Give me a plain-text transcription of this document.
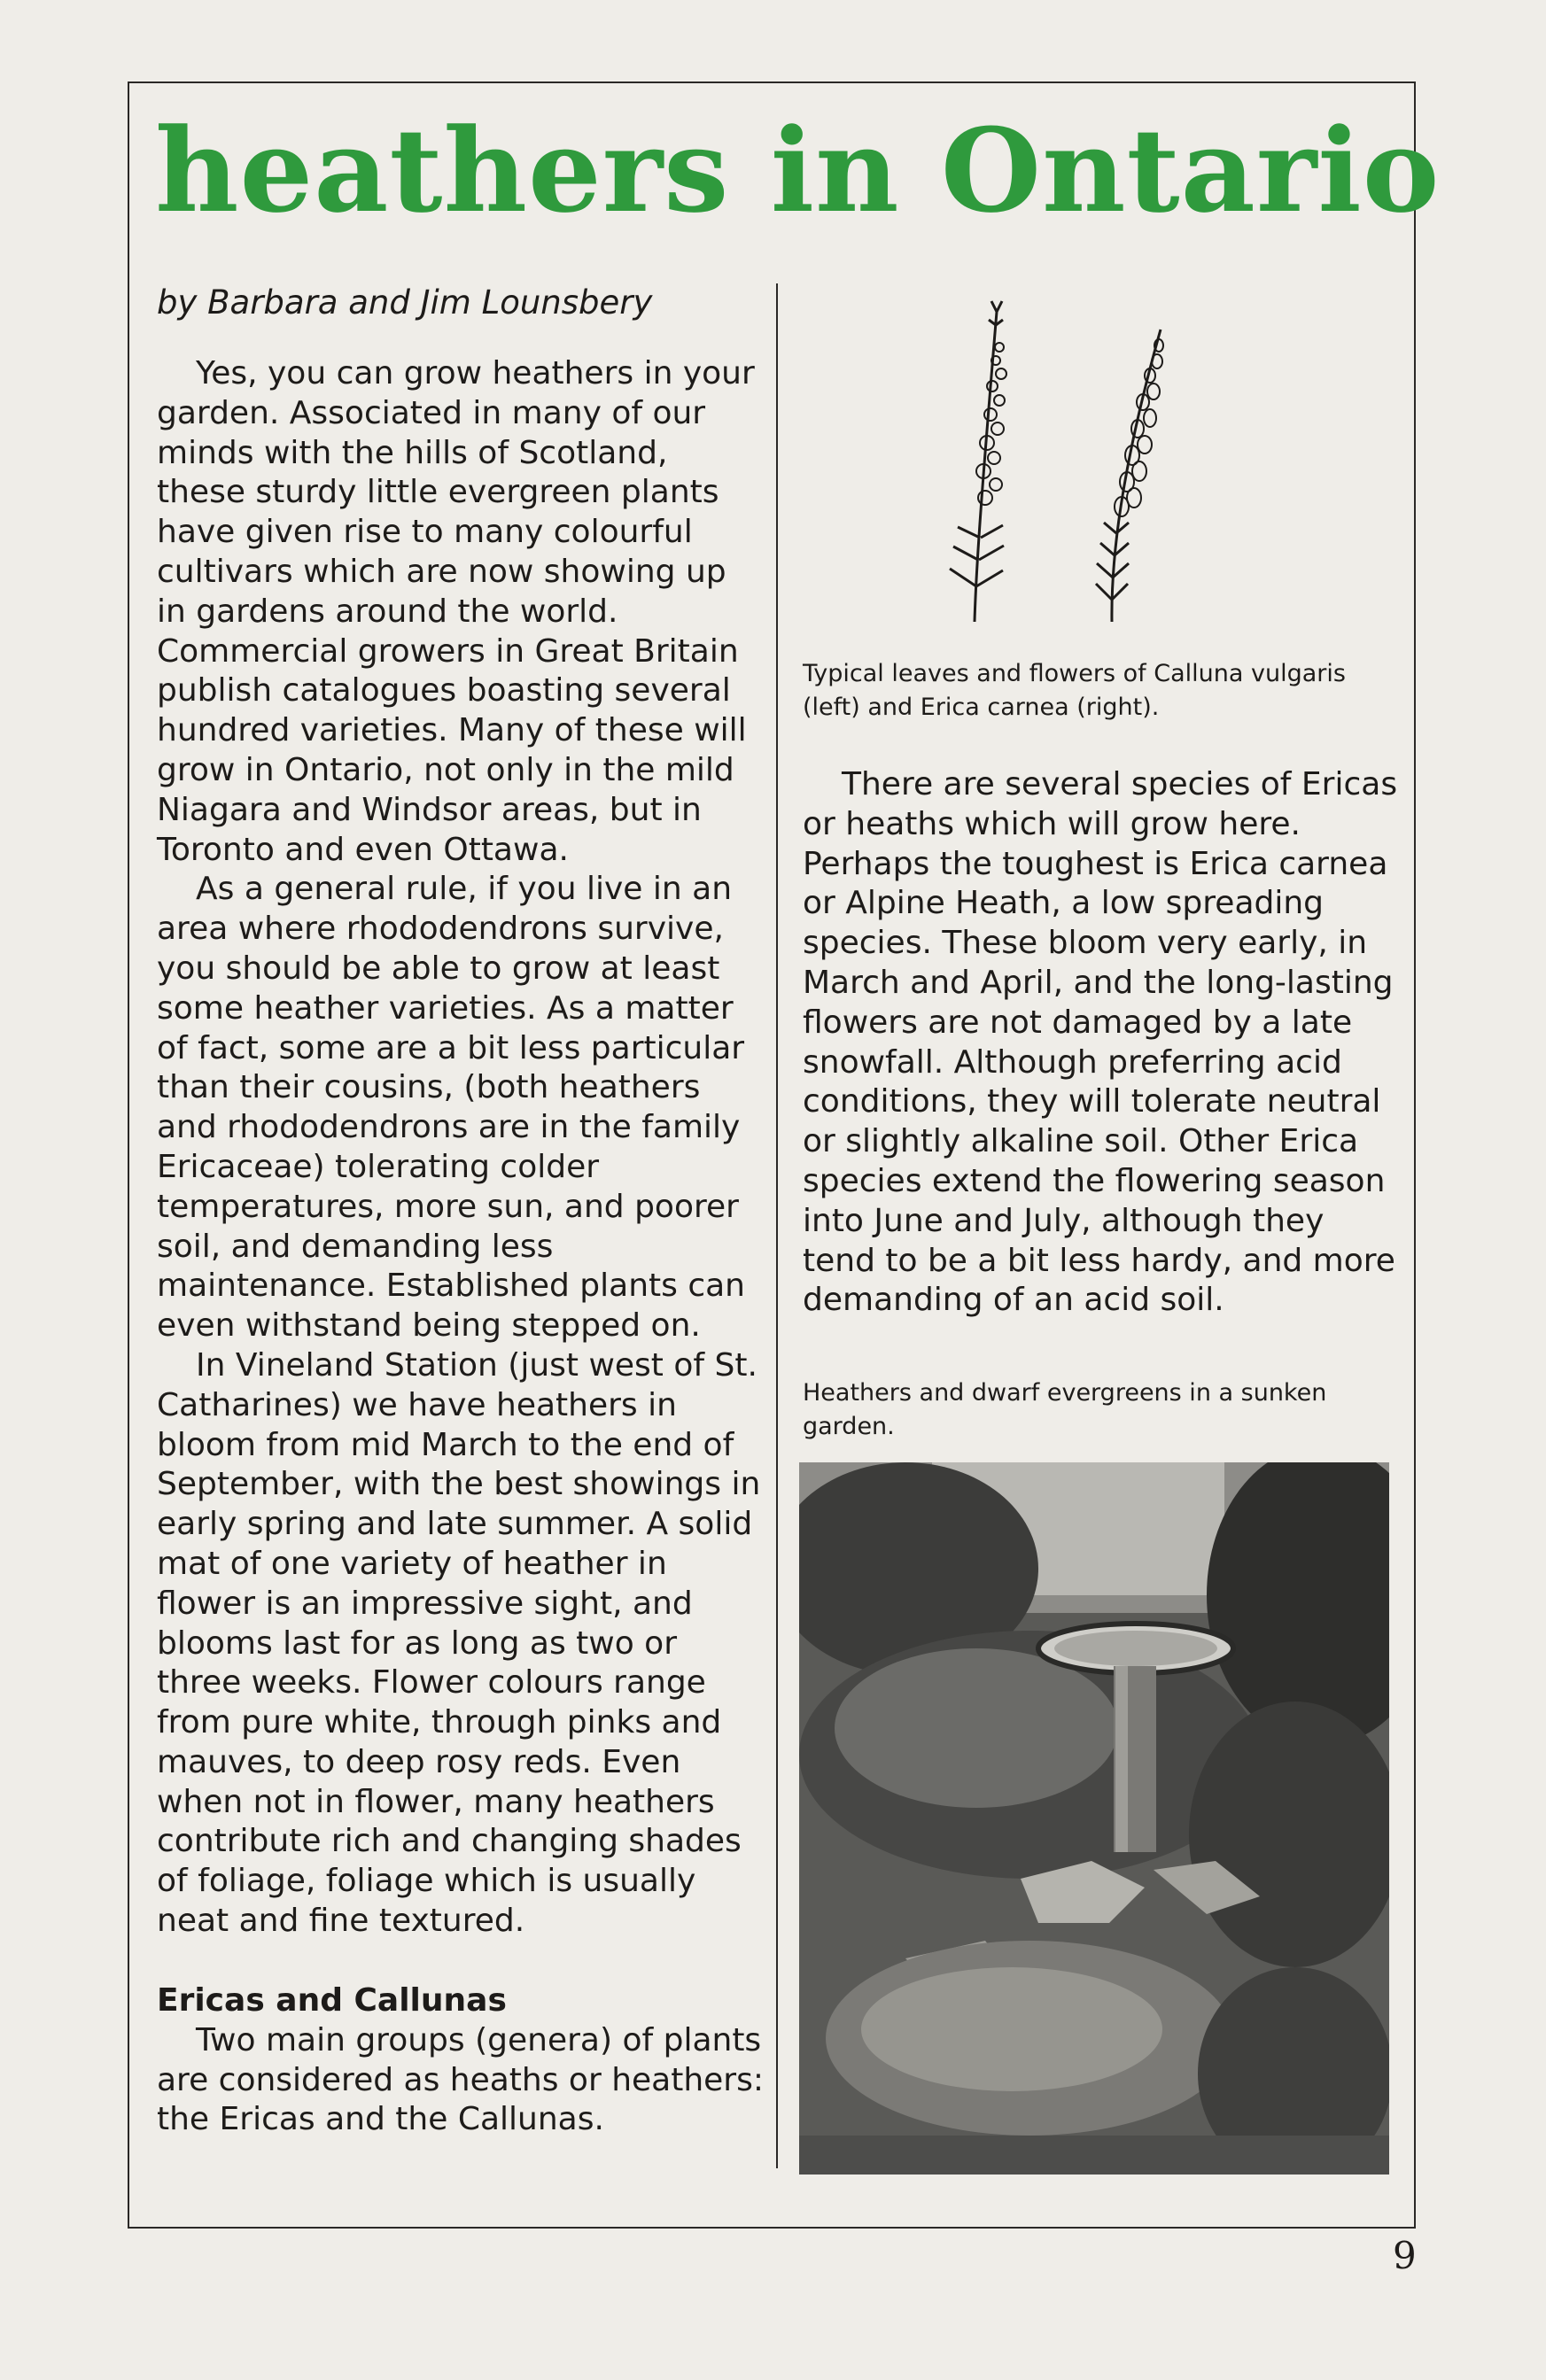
heathers in Ontario

by Barbara and Jim Lounsbery

Yes, you can grow heathers in your garden. Associated in many of our minds with the hills of Scotland, these sturdy little evergreen plants have given rise to many colourful cultivars which are now showing up in gardens around the world. Commercial growers in Great Britain publish catalogues boasting several hundred varieties. Many of these will grow in Ontario, not only in the mild Niagara and Windsor areas, but in Toronto and even Ottawa.

As a general rule, if you live in an area where rhododendrons survive, you should be able to grow at least some heather varieties. As a matter of fact, some are a bit less particular than their cousins, (both heathers and rhododendrons are in the family Ericaceae) tolerating colder temperatures, more sun, and poorer soil, and demanding less maintenance. Established plants can even withstand being stepped on.

In Vineland Station (just west of St. Catharines) we have heathers in bloom from mid March to the end of September, with the best showings in early spring and late summer. A solid mat of one variety of heather in flower is an impressive sight, and blooms last for as long as two or three weeks. Flower colours range from pure white, through pinks and mauves, to deep rosy reds. Even when not in flower, many heathers contribute rich and changing shades of foliage, foliage which is usually neat and fine textured.

Ericas and Callunas

Two main groups (genera) of plants are considered as heaths or heathers: the Ericas and the Callunas.

Typical leaves and flowers of Calluna vulgaris (left) and Erica carnea (right).

There are several species of Ericas or heaths which will grow here. Perhaps the toughest is Erica carnea or Alpine Heath, a low spreading species. These bloom very early, in March and April, and the long-lasting flowers are not damaged by a late snowfall. Although preferring acid conditions, they will tolerate neutral or slightly alkaline soil. Other Erica species extend the flowering season into June and July, although they tend to be a bit less hardy, and more demanding of an acid soil.

Heathers and dwarf evergreens in a sunken garden.

9
